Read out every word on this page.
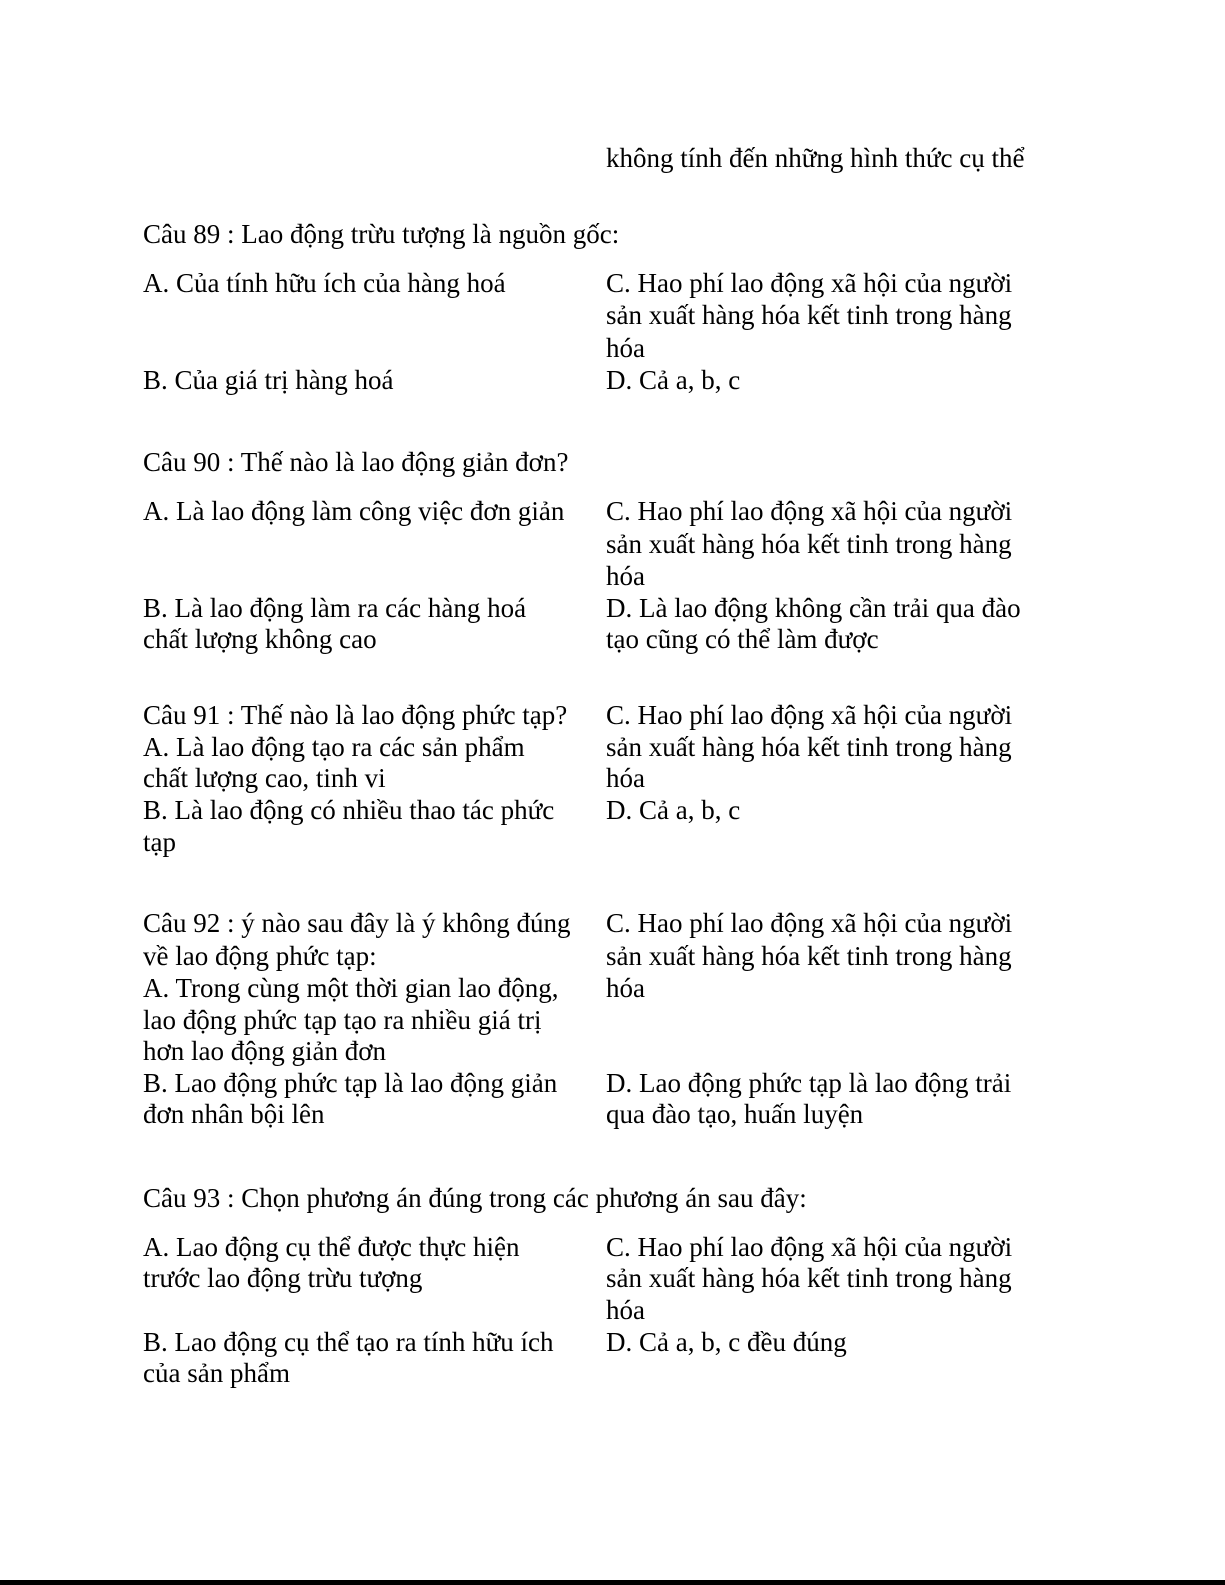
không tính đến những hình thức cụ thể
Câu 89 : Lao động trừu tượng là nguồn gốc:
A. Của tính hữu ích của hàng hoá	C. Hao phí lao động xã hội của người
sản xuất hàng hóa kết tinh trong hàng
hóa
B. Của giá trị hàng hoá	D. Cả a, b, c
Câu 90 : Thế nào là lao động giản đơn?
A. Là lao động làm công việc đơn giản C. Hao phí lao động xã hội của người
sản xuất hàng hóa kết tinh trong hàng
hóa
B. Là lao động làm ra các hàng hoá
chất lượng không cao
D. Là lao động không cần trải qua đào
tạo cũng có thể làm được
Câu 91 : Thế nào là lao động phức tạp?
A. Là lao động tạo ra các sản phẩm
chất lượng cao, tinh vi
B. Là lao động có nhiều thao tác phức
tạp
C. Hao phí lao động xã hội của người
sản xuất hàng hóa kết tinh trong hàng
hóa
D. Cả a, b, c
Câu 92 : ý nào sau đây là ý không đúng
về lao động phức tạp:
A. Trong cùng một thời gian lao động,
lao động phức tạp tạo ra nhiều giá trị
hơn lao động giản đơn
B. Lao động phức tạp là lao động giản
đơn nhân bội lên
C. Hao phí lao động xã hội của người
sản xuất hàng hóa kết tinh trong hàng
hóa
D. Lao động phức tạp là lao động trải
qua đào tạo, huấn luyện
Câu 93 : Chọn phương án đúng trong các phương án sau đây:
A. Lao động cụ thể được thực hiện
trước lao động trừu tượng
B. Lao động cụ thể tạo ra tính hữu ích
của sản phẩm
C. Hao phí lao động xã hội của người
sản xuất hàng hóa kết tinh trong hàng
hóa
D. Cả a, b, c đều đúng
